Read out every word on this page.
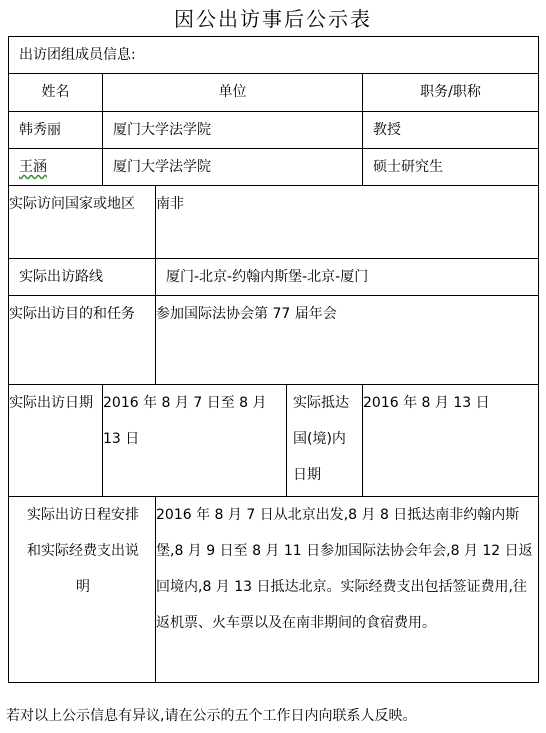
因公出访事后公示表
出访团组成员信息:				
姓名	单位			职务/职称
韩秀丽	厦门大学法学院			教授
王涵	厦门大学法学院			硕士研究生
实际访问国家或地区		南非		
实际出访路线		厦门-北京-约翰内斯堡-北京-厦门		
实际出访目的和任务		参加国际法协会第 77 届年会		
实际出访日期	2016 年 8 月 7 日至 8 月 13 日		实际抵达国(境)内日期	2016 年 8 月 13 日
实际出访日程安排和实际经费支出说明		2016 年 8 月 7 日从北京出发,8 月 8 日抵达南非约翰内斯堡,8 月 9 日至 8 月 11 日参加国际法协会年会,8 月 12 日返回境内,8 月 13 日抵达北京。实际经费支出包括签证费用,往返机票、火车票以及在南非期间的食宿费用。		
若对以上公示信息有异议,请在公示的五个工作日内向联系人反映。
